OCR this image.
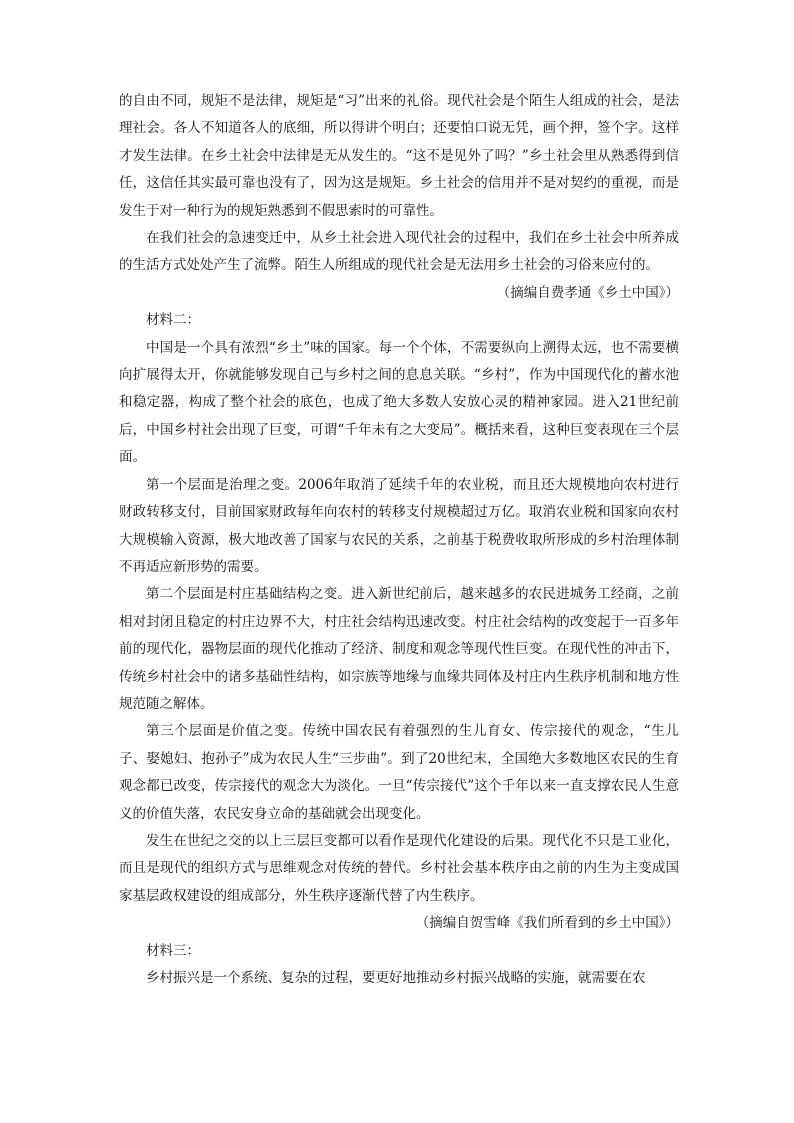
的自由不同，规矩不是法律，规矩是“习”出来的礼俗。现代社会是个陌生人组成的社会，是法理社会。各人不知道各人的底细，所以得讲个明白；还要怕口说无凭，画个押，签个字。这样才发生法律。在乡土社会中法律是无从发生的。“这不是见外了吗？”乡土社会里从熟悉得到信任，这信任其实最可靠也没有了，因为这是规矩。乡土社会的信用并不是对契约的重视，而是发生于对一种行为的规矩熟悉到不假思索时的可靠性。

在我们社会的急速变迁中，从乡土社会进入现代社会的过程中，我们在乡土社会中所养成的生活方式处处产生了流弊。陌生人所组成的现代社会是无法用乡土社会的习俗来应付的。

（摘编自费孝通《乡土中国》）

材料二：

中国是一个具有浓烈“乡土”味的国家。每一个个体，不需要纵向上溯得太远，也不需要横向扩展得太开，你就能够发现自己与乡村之间的息息关联。“乡村”，作为中国现代化的蓄水池和稳定器，构成了整个社会的底色，也成了绝大多数人安放心灵的精神家园。进入21世纪前后，中国乡村社会出现了巨变，可谓“千年未有之大变局”。概括来看，这种巨变表现在三个层面。

第一个层面是治理之变。2006年取消了延续千年的农业税，而且还大规模地向农村进行财政转移支付，目前国家财政每年向农村的转移支付规模超过万亿。取消农业税和国家向农村大规模输入资源，极大地改善了国家与农民的关系，之前基于税费收取所形成的乡村治理体制不再适应新形势的需要。

第二个层面是村庄基础结构之变。进入新世纪前后，越来越多的农民进城务工经商，之前相对封闭且稳定的村庄边界不大，村庄社会结构迅速改变。村庄社会结构的改变起于一百多年前的现代化，器物层面的现代化推动了经济、制度和观念等现代性巨变。在现代性的冲击下，传统乡村社会中的诸多基础性结构，如宗族等地缘与血缘共同体及村庄内生秩序机制和地方性规范随之解体。

第三个层面是价值之变。传统中国农民有着强烈的生儿育女、传宗接代的观念，“生儿子、娶媳妇、抱孙子”成为农民人生“三步曲”。到了20世纪末，全国绝大多数地区农民的生育观念都已改变，传宗接代的观念大为淡化。一旦“传宗接代”这个千年以来一直支撑农民人生意义的价值失落，农民安身立命的基础就会出现变化。

发生在世纪之交的以上三层巨变都可以看作是现代化建设的后果。现代化不只是工业化，而且是现代的组织方式与思维观念对传统的替代。乡村社会基本秩序由之前的内生为主变成国家基层政权建设的组成部分，外生秩序逐渐代替了内生秩序。

（摘编自贺雪峰《我们所看到的乡土中国》）

材料三：

乡村振兴是一个系统、复杂的过程，要更好地推动乡村振兴战略的实施，就需要在农
